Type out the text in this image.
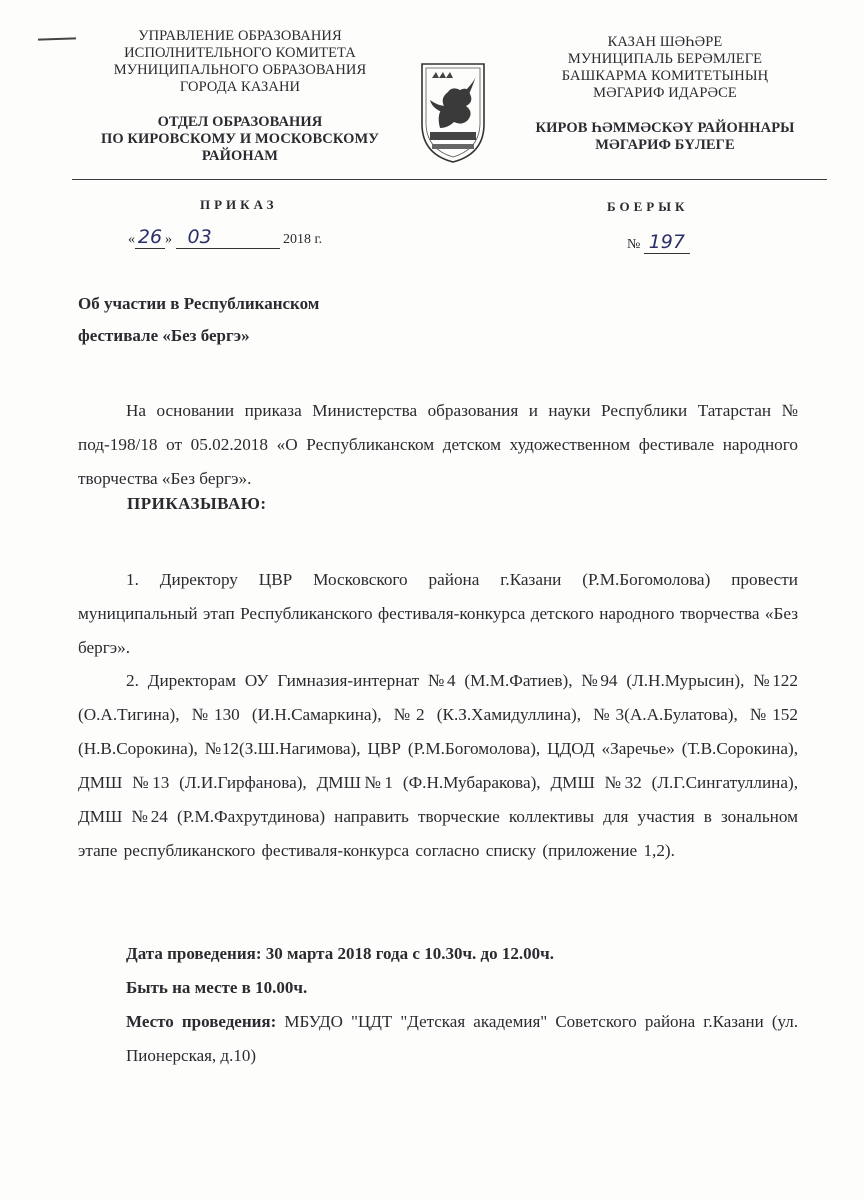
УПРАВЛЕНИЕ ОБРАЗОВАНИЯ
ИСПОЛНИТЕЛЬНОГО КОМИТЕТА
МУНИЦИПАЛЬНОГО ОБРАЗОВАНИЯ
ГОРОДА КАЗАНИ
ОТДЕЛ ОБРАЗОВАНИЯ
ПО КИРОВСКОМУ И МОСКОВСКОМУ
РАЙОНАМ
КАЗАН ШӘҺӘРЕ
МУНИЦИПАЛЬ БЕРӘМЛЕГЕ
БАШКАРМА КОМИТЕТЫНЫҢ
МӘГАРИФ ИДАРӘСЕ
КИРОВ ҺӘММӘСКӘҮ РАЙОННАРЫ
МӘГАРИФ БҮЛЕГЕ
ПРИКАЗ	БОЕРЫК
« 26 » 03	2018 г.	№ 197
Об участии в Республиканском
фестивале «Без бергэ»
На основании приказа Министерства образования и науки Республики Татарстан № под-198/18 от 05.02.2018 «О Республиканском детском художественном фестивале народного творчества «Без бергэ».
ПРИКАЗЫВАЮ:
1. Директору ЦВР Московского района г.Казани (Р.М.Богомолова) провести муниципальный этап Республиканского фестиваля-конкурса детского народного творчества «Без бергэ».
2. Директорам ОУ Гимназия-интернат №4 (М.М.Фатиев), №94 (Л.Н.Мурысин), №122 (О.А.Тигина), №130 (И.Н.Самаркина), №2 (К.З.Хамидуллина), №3(А.А.Булатова), №152 (Н.В.Сорокина), №12(З.Ш.Нагимова), ЦВР (Р.М.Богомолова), ЦДОД «Заречье» (Т.В.Сорокина), ДМШ №13 (Л.И.Гирфанова), ДМШ№1 (Ф.Н.Мубаракова), ДМШ №32 (Л.Г.Сингатуллина), ДМШ №24 (Р.М.Фахрутдинова) направить творческие коллективы для участия в зональном этапе республиканского фестиваля-конкурса согласно списку (приложение 1,2).
Дата проведения: 30 марта 2018 года с 10.30ч. до 12.00ч.
Быть на месте в 10.00ч.
Место проведения: МБУДО "ЦДТ "Детская академия" Советского района г.Казани (ул. Пионерская, д.10)
